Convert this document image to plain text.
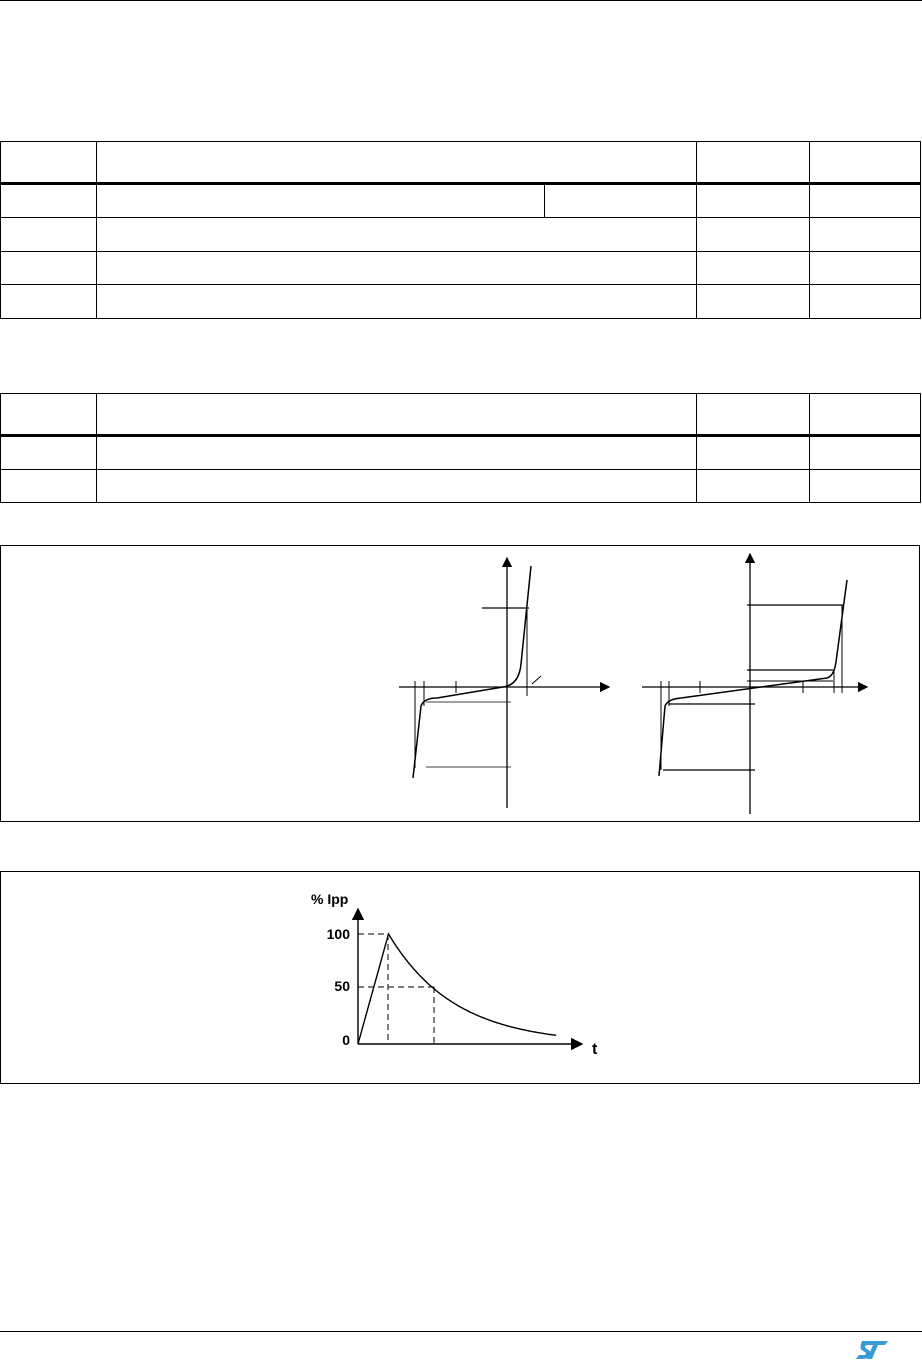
% Ipp
t
100
50
0
